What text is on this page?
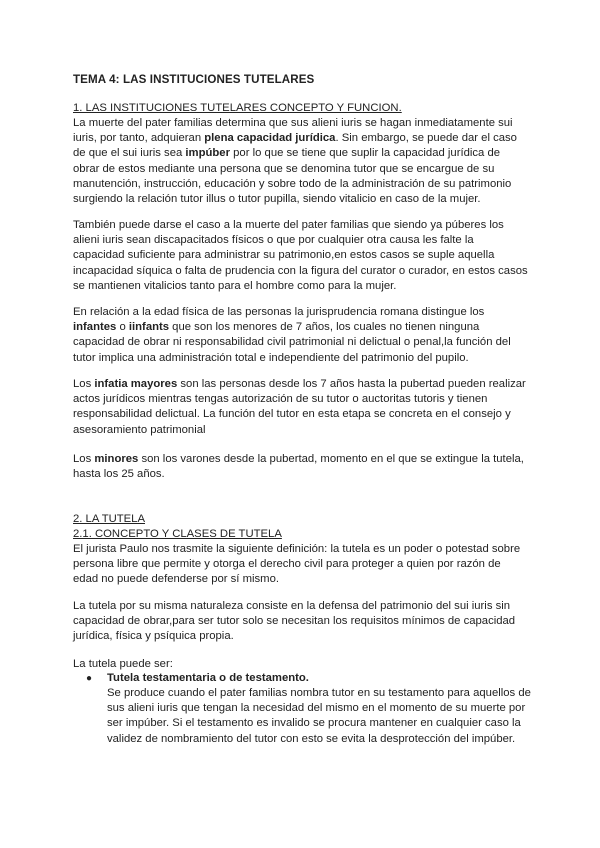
TEMA 4: LAS INSTITUCIONES TUTELARES
1. LAS INSTITUCIONES TUTELARES CONCEPTO Y FUNCION.

La muerte del pater familias determina que sus alieni iuris se hagan inmediatamente sui iuris, por tanto, adquieran plena capacidad jurídica. Sin embargo, se puede dar el caso de que el sui iuris sea impúber por lo que se tiene que suplir la capacidad jurídica de obrar de estos mediante una persona que se denomina tutor que se encargue de su manutención, instrucción, educación y sobre todo de la administración de su patrimonio surgiendo la relación tutor illus o tutor pupilla, siendo vitalicio en caso de la mujer.

También puede darse el caso a la muerte del pater familias que siendo ya púberes los alieni iuris sean discapacitados físicos o que por cualquier otra causa les falte la capacidad suficiente para administrar su patrimonio,en estos casos se suple aquella incapacidad síquica o falta de prudencia con la figura del curator o curador, en estos casos se mantienen vitalicios tanto para el hombre como para la mujer.

En relación a la edad física de las personas la jurisprudencia romana distingue los infantes o iinfants que son los menores de 7 años, los cuales no tienen ninguna capacidad de obrar ni responsabilidad civil patrimonial ni delictual o penal,la función del tutor implica una administración total e independiente del patrimonio del pupilo.

Los infatia mayores son las personas desde los 7 años hasta la pubertad pueden realizar actos jurídicos mientras tengas autorización de su tutor o auctoritas tutoris y tienen responsabilidad delictual. La función del tutor en esta etapa se concreta en el consejo y asesoramiento patrimonial

Los minores son los varones desde la pubertad, momento en el que se extingue la tutela, hasta los 25 años.

2. LA TUTELA
2.1. CONCEPTO Y CLASES DE TUTELA

El jurista Paulo nos trasmite la siguiente definición: la tutela es un poder o potestad sobre persona libre que permite y otorga el derecho civil para proteger a quien por razón de edad no puede defenderse por sí mismo.

La tutela por su misma naturaleza consiste en la defensa del patrimonio del sui iuris sin capacidad de obrar,para ser tutor solo se necesitan los requisitos mínimos de capacidad jurídica, física y psíquica propia.

La tutela puede ser:

● Tutela testamentaria o de testamento.

Se produce cuando el pater familias nombra tutor en su testamento para aquellos de sus alieni iuris que tengan la necesidad del mismo en el momento de su muerte por ser impúber. Si el testamento es invalido se procura mantener en cualquier caso la validez de nombramiento del tutor con esto se evita la desprotección del impúber.
